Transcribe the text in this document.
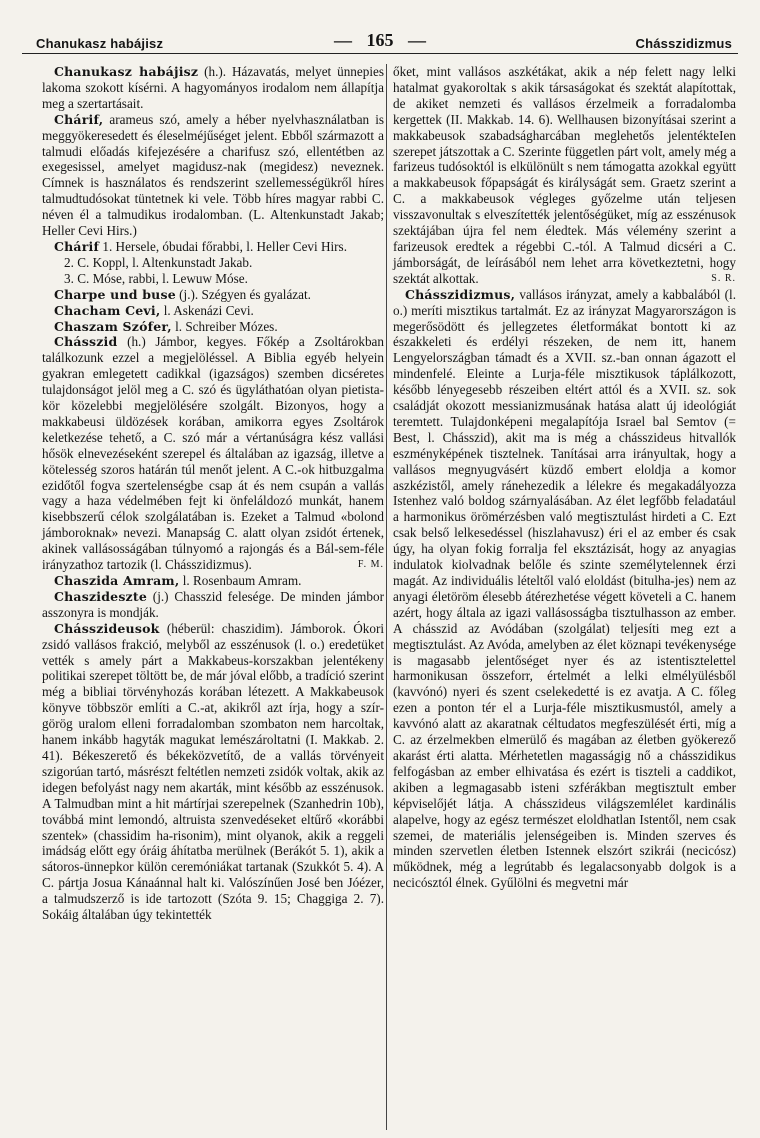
Chanukasz habájisz	— 165 —	Chásszidizmus

Chanukasz habájisz (h.). Házavatás, melyet ünnepies lakoma szokott kísérni. A hagyományos irodalom nem állapítja meg a szertartásait.

Chárif, arameus szó, amely a héber nyelvhasználatban is meggyökeresedett és éleselméjűséget jelent. Ebből származott a talmudi előadás kifejezésére a charifusz szó, ellentétben az exegesissel, amelyet magidusz-nak (megidesz) neveznek. Címnek is használatos és rendszerint szellemességükről híres talmudtudósokat tüntetnek ki vele. Több híres magyar rabbi C. néven él a talmudikus irodalomban. (L. Altenkunstadt Jakab; Heller Cevi Hirs.)

Chárif 1. Hersele, óbudai főrabbi, l. Heller Cevi Hirs.

2. C. Koppl, l. Altenkunstadt Jakab.

3. C. Móse, rabbi, l. Lewuw Móse.

Charpe und buse (j.). Szégyen és gyalázat.

Chacham Cevi, l. Askenázi Cevi.

Chaszam Szófer, l. Schreiber Mózes.

Chásszid (h.) Jámbor, kegyes. Főkép a Zsoltárokban találkozunk ezzel a megjelöléssel. A Biblia egyéb helyein gyakran emlegetett cadikkal (igazságos) szemben dicséretes tulajdonságot jelöl meg a C. szó és ügyláthatóan olyan pietista-kör közelebbi megjelölésére szolgált. Bizonyos, hogy a makkabeusi üldözések korában, amikorra egyes Zsoltárok keletkezése tehető, a C. szó már a vértanúságra kész vallási hősök elnevezéseként szerepel és általában az igazság, illetve a kötelesség szoros határán túl menőt jelent. A C.-ok hitbuzgalma ezidőtől fogva szertelenségbe csap át és nem csupán a vallás vagy a haza védelmében fejt ki önfeláldozó munkát, hanem kisebbszerű célok szolgálatában is. Ezeket a Talmud «bolond jámboroknak» nevezi. Manapság C. alatt olyan zsidót értenek, akinek vallásosságában túlnyomó a rajongás és a Bál-sem-féle irányzathoz tartozik (l. Chásszidizmus).	F. M.

Chaszida Amram, l. Rosenbaum Amram.

Chaszideszte (j.) Chasszid felesége. De minden jámbor asszonyra is mondják.

Chásszideusok (héberül: chaszidim). Jámborok. Ókori zsidó vallásos frakció, melyből az esszénusok (l. o.) eredetüket vették s amely párt a Makkabeus-korszakban jelentékeny politikai szerepet töltött be, de már jóval előbb, a tradíció szerint még a bibliai törvényhozás korában létezett. A Makkabeusok könyve többször említi a C.-at, akikről azt írja, hogy a szír-görög uralom elleni forradalomban szombaton nem harcoltak, hanem inkább hagyták magukat lemészároltatni (I. Makkab. 2. 41). Békeszerető és békeközvetítő, de a vallás törvényeit szigorúan tartó, másrészt feltétlen nemzeti zsidók voltak, akik az idegen befolyást nagy nem akarták, mint később az esszénusok. A Talmudban mint a hit mártírjai szerepelnek (Szanhedrin 10b), továbbá mint lemondó, altruista szenvedéseket eltűrő «korábbi szentek» (chassidim ha-risonim), mint olyanok, akik a reggeli imádság előtt egy óráig áhítatba merülnek (Berákót 5. 1), akik a sátoros-ünnepkor külön ceremóniákat tartanak (Szukkót 5. 4). A C. pártja Josua Kánaánnal halt ki. Valószínűen José ben Jóézer, a talmudszerző is ide tartozott (Szóta 9. 15; Chaggiga 2. 7). Sokáig általában úgy tekintették

őket, mint vallásos aszkétákat, akik a nép felett nagy lelki hatalmat gyakoroltak s akik társaságokat és szektát alapítottak, de akiket nemzeti és vallásos érzelmeik a forradalomba kergettek (II. Makkab. 14. 6). Wellhausen bizonyításai szerint a makkabeusok szabadságharcában meglehetős jelentékteIen szerepet játszottak a C. Szerinte független párt volt, amely még a farizeus tudósoktól is elkülönült s nem támogatta azokkal együtt a makkabeusok főpapságát és királyságát sem. Graetz szerint a C. a makkabeusok végleges győzelme után teljesen visszavonultak s elveszítették jelentőségüket, míg az esszénusok szektájában újra fel nem éledtek. Más vélemény szerint a farizeusok eredtek a régebbi C.-tól. A Talmud dicséri a C. jámborságát, de leírásából nem lehet arra következtetni, hogy szektát alkottak.	S. R.

Chásszidizmus, vallásos irányzat, amely a kabbalából (l. o.) meríti misztikus tartalmát. Ez az irányzat Magyarországon is megerősödött és jellegzetes életformákat bontott ki az északkeleti és erdélyi részeken, de nem itt, hanem Lengyelországban támadt és a XVII. sz.-ban onnan ágazott el mindenfelé. Eleinte a Lurja-féle misztikusok táplálkozott, később lényegesebb részeiben eltért attól és a XVII. sz. sok családját okozott messianizmusának hatása alatt új ideológiát teremtett. Tulajdonképeni megalapítója Israel bal Semtov (= Best, l. Chásszid), akit ma is még a chásszideus hitvallók eszményképének tisztelnek. Tanításai arra irányultak, hogy a vallásos megnyugvásért küzdő embert eloldja a komor aszkézistől, amely ránehezedik a lélekre és megakadályozza Istenhez való boldog szárnyalásában. Az élet legfőbb feladatául a harmonikus örömérzésben való megtisztulást hirdeti a C. Ezt csak belső lelkesedéssel (hiszlahavusz) éri el az ember és csak úgy, ha olyan fokig forralja fel eksztázisát, hogy az anyagias indulatok kiolvadnak belőle és szinte személytelennek érzi magát. Az individuális lételtől való eloldást (bitulha-jes) nem az anyagi életöröm élesebb átérezhetése végett követeli a C. hanem azért, hogy általa az igazi vallásosságba tisztulhasson az ember. A chásszid az Avódában (szolgálat) teljesíti meg ezt a megtisztulást. Az Avóda, amelyben az élet köznapi tevékenysége is magasabb jelentőséget nyer és az istentisztelettel harmonikusan összeforr, értelmét a lelki elmélyülésből (kavvónó) nyeri és szent cselekedetté is ez avatja. A C. főleg ezen a ponton tér el a Lurja-féle misztikusmustól, amely a kavvónó alatt az akaratnak céltudatos megfeszülését érti, míg a C. az érzelmekben elmerülő és magában az életben gyökerező akarást érti alatta. Mérhetetlen magasságig nő a chásszidikus felfogásban az ember elhivatása és ezért is tiszteli a caddikot, akiben a legmagasabb isteni szférákban megtisztult ember képviselőjét látja. A chásszideus világszemlélet kardinális alapelve, hogy az egész természet eloldhatlan Istentől, nem csak szemei, de materiális jelenségeiben is. Minden szerves és minden szervetlen életben Istennek elszórt szikrái (necicósz) működnek, még a legrútabb és legalacsonyabb dolgok is a necicósztól élnek. Gyűlölni és megvetni már
